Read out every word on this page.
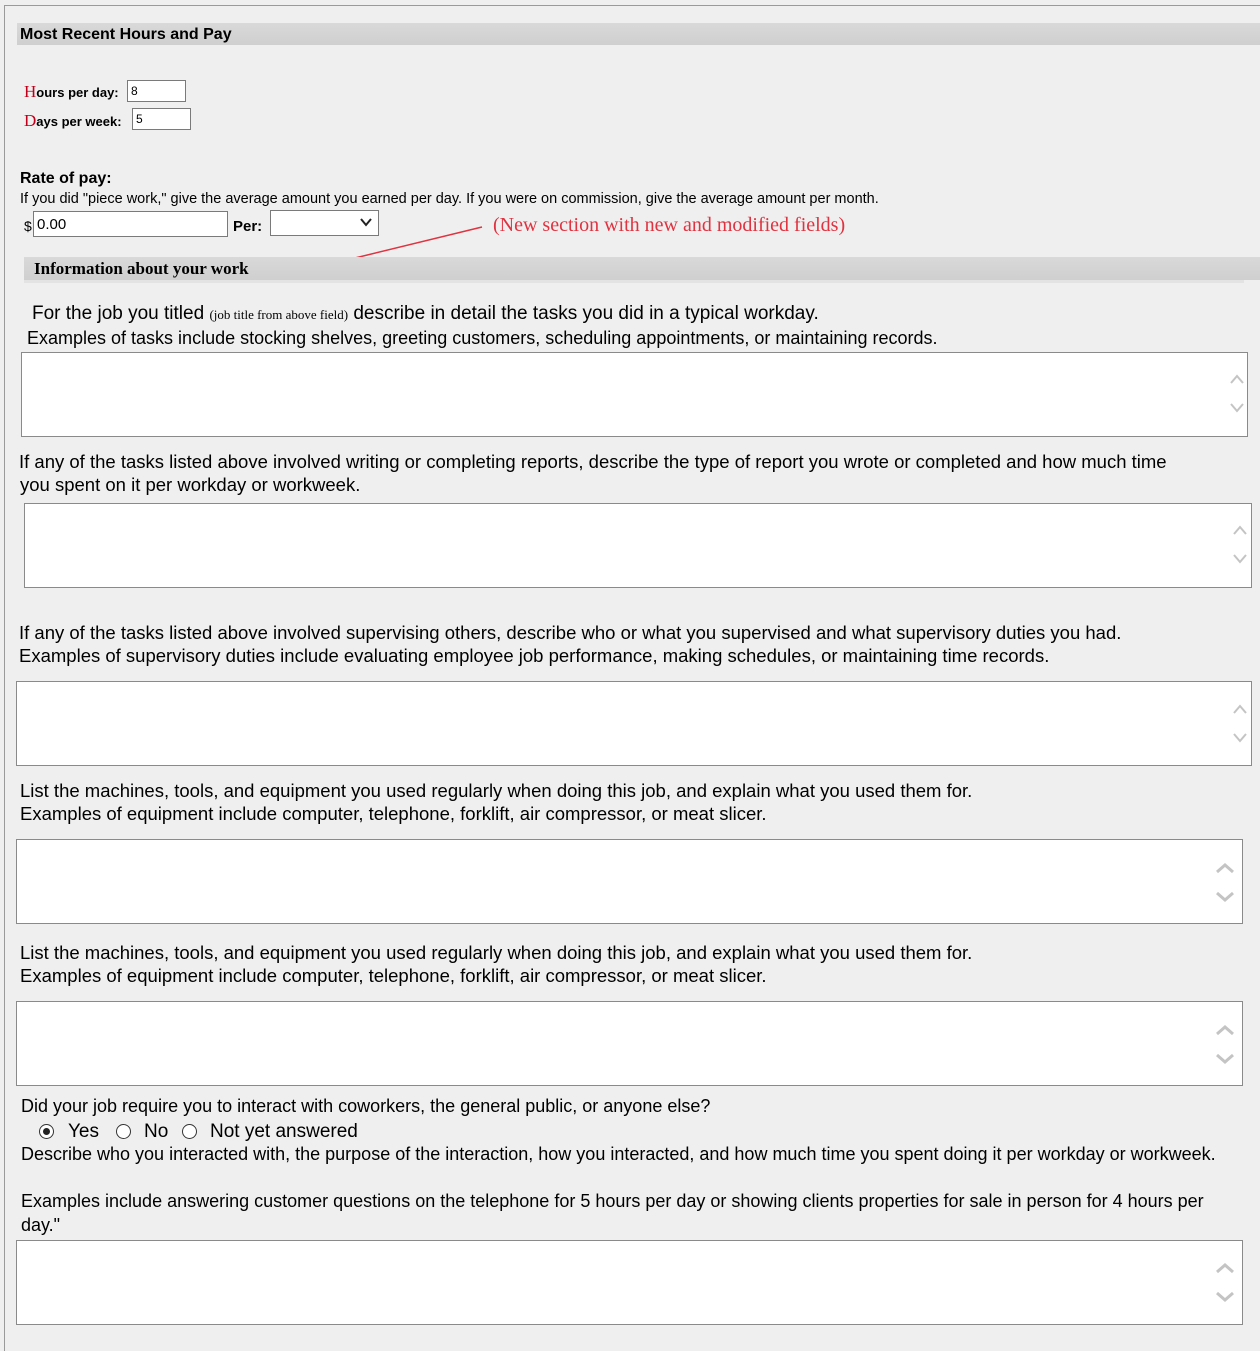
Most Recent Hours and Pay
Hours per day:
8
Days per week:
5
Rate of pay:
If you did "piece work," give the average amount you earned per day. If you were on commission, give the average amount per month.
$
0.00	Per:	(New section with new and modified fields)
Information about your work
For the job you titled (job title from above field) describe in detail the tasks you did in a typical workday.
Examples of tasks include stocking shelves, greeting customers, scheduling appointments, or maintaining records.
If any of the tasks listed above involved writing or completing reports, describe the type of report you wrote or completed and how much time
you spent on it per workday or workweek.
If any of the tasks listed above involved supervising others, describe who or what you supervised and what supervisory duties you had.
Examples of supervisory duties include evaluating employee job performance, making schedules, or maintaining time records.
List the machines, tools, and equipment you used regularly when doing this job, and explain what you used them for.
Examples of equipment include computer, telephone, forklift, air compressor, or meat slicer.
List the machines, tools, and equipment you used regularly when doing this job, and explain what you used them for.
Examples of equipment include computer, telephone, forklift, air compressor, or meat slicer.
Did your job require you to interact with coworkers, the general public, or anyone else?
Yes No Not yet answered
Describe who you interacted with, the purpose of the interaction, how you interacted, and how much time you spent doing it per workday or workweek.
Examples include answering customer questions on the telephone for 5 hours per day or showing clients properties for sale in person for 4 hours per day."
